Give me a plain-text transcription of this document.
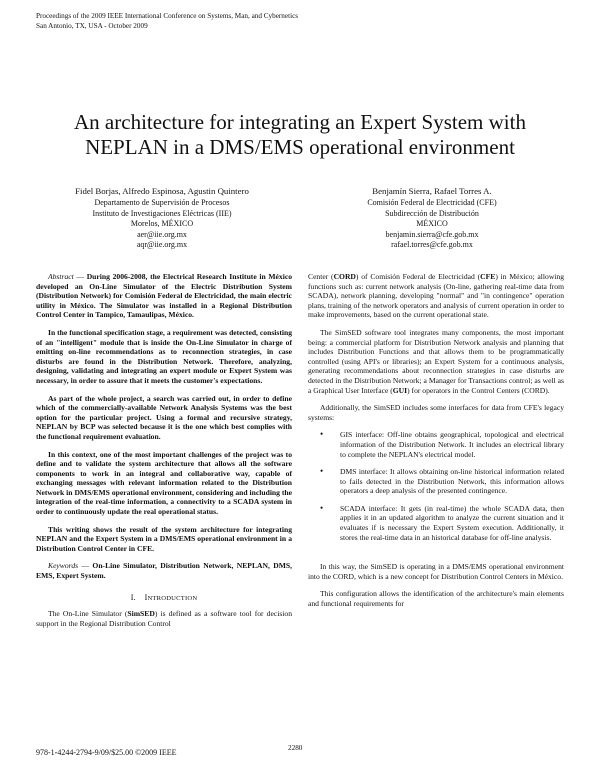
Proceedings of the 2009 IEEE International Conference on Systems, Man, and Cybernetics
San Antonio, TX, USA - October 2009
An architecture for integrating an Expert System with
NEPLAN in a DMS/EMS operational environment
Fidel Borjas, Alfredo Espinosa, Agustin Quintero
Departamento de Supervisión de Procesos
Instituto de Investigaciones Eléctricas (IIE)
Morelos, MÉXICO
aer@iie.org.mx
aqr@iie.org.mx
Benjamín Sierra, Rafael Torres A.
Comisión Federal de Electricidad (CFE)
Subdirección de Distribución
MÉXICO
benjamin.sierra@cfe.gob.mx
rafael.torres@cfe.gob.mx

Abstract — During 2006-2008, the Electrical Research Institute in México developed an On-Line Simulator of the Electric Distribution System (Distribution Network) for Comisión Federal de Electricidad, the main electric utility in México. The Simulator was installed in a Regional Distribution Control Center in Tampico, Tamaulipas, México.

In the functional specification stage, a requirement was detected, consisting of an "intelligent" module that is inside the On-Line Simulator in charge of emitting on-line recommendations as to reconnection strategies, in case disturbs are found in the Distribution Network. Therefore, analyzing, designing, validating and integrating an expert module or Expert System was necessary, in order to assure that it meets the customer's expectations.

As part of the whole project, a search was carried out, in order to define which of the commercially-available Network Analysis Systems was the best option for the particular project. Using a formal and recursive strategy, NEPLAN by BCP was selected because it is the one which best complies with the functional requirement evaluation.

In this context, one of the most important challenges of the project was to define and to validate the system architecture that allows all the software components to work in an integral and collaborative way, capable of exchanging messages with relevant information related to the Distribution Network in DMS/EMS operational environment, considering and including the integration of the real-time information, a connectivity to a SCADA system in order to continuously update the real operational status.

This writing shows the result of the system architecture for integrating NEPLAN and the Expert System in a DMS/EMS operational environment in a Distribution Control Center in CFE.

Keywords — On-Line Simulator, Distribution Network, NEPLAN, DMS, EMS, Expert System.

I. INTRODUCTION

The On-Line Simulator (SimSED) is defined as a software tool for decision support in the Regional Distribution Control

Center (CORD) of Comisión Federal de Electricidad (CFE) in México; allowing functions such as: current network analysis (On-line, gathering real-time data from SCADA), network planning, developing "normal" and "in contingence" operation plans, training of the network operators and analysis of current operation in order to make improvements, based on the current operational state.

The SimSED software tool integrates many components, the most important being: a commercial platform for Distribution Network analysis and planning that includes Distribution Functions and that allows them to be programmatically controlled (using API's or libraries); an Expert System for a continuous analysis, generating recommendations about reconnection strategies in case disturbs are detected in the Distribution Network; a Manager for Transactions control; as well as a Graphical User Interface (GUI) for operators in the Control Centers (CORD).

Additionally, the SimSED includes some interfaces for data from CFE's legacy systems:

•	GIS interface: Off-line obtains geographical, topological and electrical information of the Distribution Network. It includes an electrical library to complete the NEPLAN's electrical model.
•	DMS interface: It allows obtaining on-line historical information related to fails detected in the Distribution Network, this information allows operators a deep analysis of the presented contingence.
•	SCADA interface: It gets (in real-time) the whole SCADA data, then applies it in an updated algorithm to analyze the current situation and it evaluates if is necessary the Expert System execution. Additionally, it stores the real-time data in an historical database for off-line analysis.

In this way, the SimSED is operating in a DMS/EMS operational environment into the CORD, which is a new concept for Distribution Control Centers in México.

This configuration allows the identification of the architecture's main elements and functional requirements for

978-1-4244-2794-9/09/$25.00 ©2009 IEEE	2280
